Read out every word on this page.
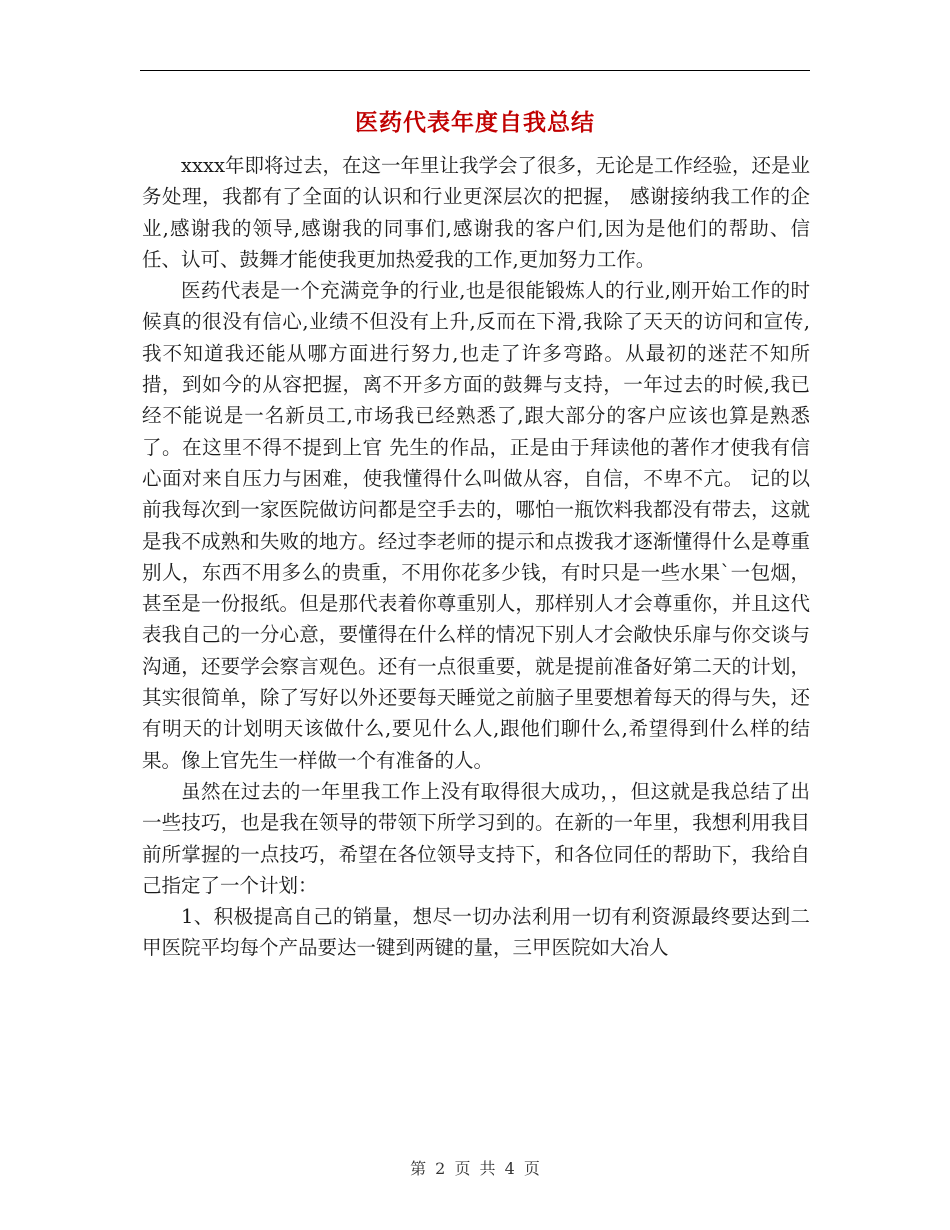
医药代表年度自我总结

xxxx年即将过去，在这一年里让我学会了很多，无论是工作经验，还是业务处理，我都有了全面的认识和行业更深层次的把握， 感谢接纳我工作的企业,感谢我的领导,感谢我的同事们,感谢我的客户们,因为是他们的帮助、信任、认可、鼓舞才能使我更加热爱我的工作,更加努力工作。

医药代表是一个充满竞争的行业,也是很能锻炼人的行业,刚开始工作的时候真的很没有信心,业绩不但没有上升,反而在下滑,我除了天天的访问和宣传,我不知道我还能从哪方面进行努力,也走了许多弯路。从最初的迷茫不知所措，到如今的从容把握，离不开多方面的鼓舞与支持，一年过去的时候,我已经不能说是一名新员工,市场我已经熟悉了,跟大部分的客户应该也算是熟悉了。在这里不得不提到上官 先生的作品，正是由于拜读他的著作才使我有信心面对来自压力与困难，使我懂得什么叫做从容，自信，不卑不亢。 记的以前我每次到一家医院做访问都是空手去的，哪怕一瓶饮料我都没有带去，这就是我不成熟和失败的地方。经过李老师的提示和点拨我才逐渐懂得什么是尊重别人，东西不用多么的贵重，不用你花多少钱，有时只是一些水果`一包烟，甚至是一份报纸。但是那代表着你尊重别人，那样别人才会尊重你，并且这代表我自己的一分心意，要懂得在什么样的情况下别人才会敞快乐扉与你交谈与沟通，还要学会察言观色。还有一点很重要，就是提前准备好第二天的计划，其实很简单，除了写好以外还要每天睡觉之前脑子里要想着每天的得与失，还有明天的计划明天该做什么,要见什么人,跟他们聊什么,希望得到什么样的结果。像上官先生一样做一个有准备的人。

虽然在过去的一年里我工作上没有取得很大成功，，但这就是我总结了出一些技巧，也是我在领导的带领下所学习到的。在新的一年里，我想利用我目前所掌握的一点技巧，希望在各位领导支持下，和各位同任的帮助下，我给自己指定了一个计划：

1、积极提高自己的销量，想尽一切办法利用一切有利资源最终要达到二甲医院平均每个产品要达一键到两键的量，三甲医院如大冶人

第 2 页 共 4 页
